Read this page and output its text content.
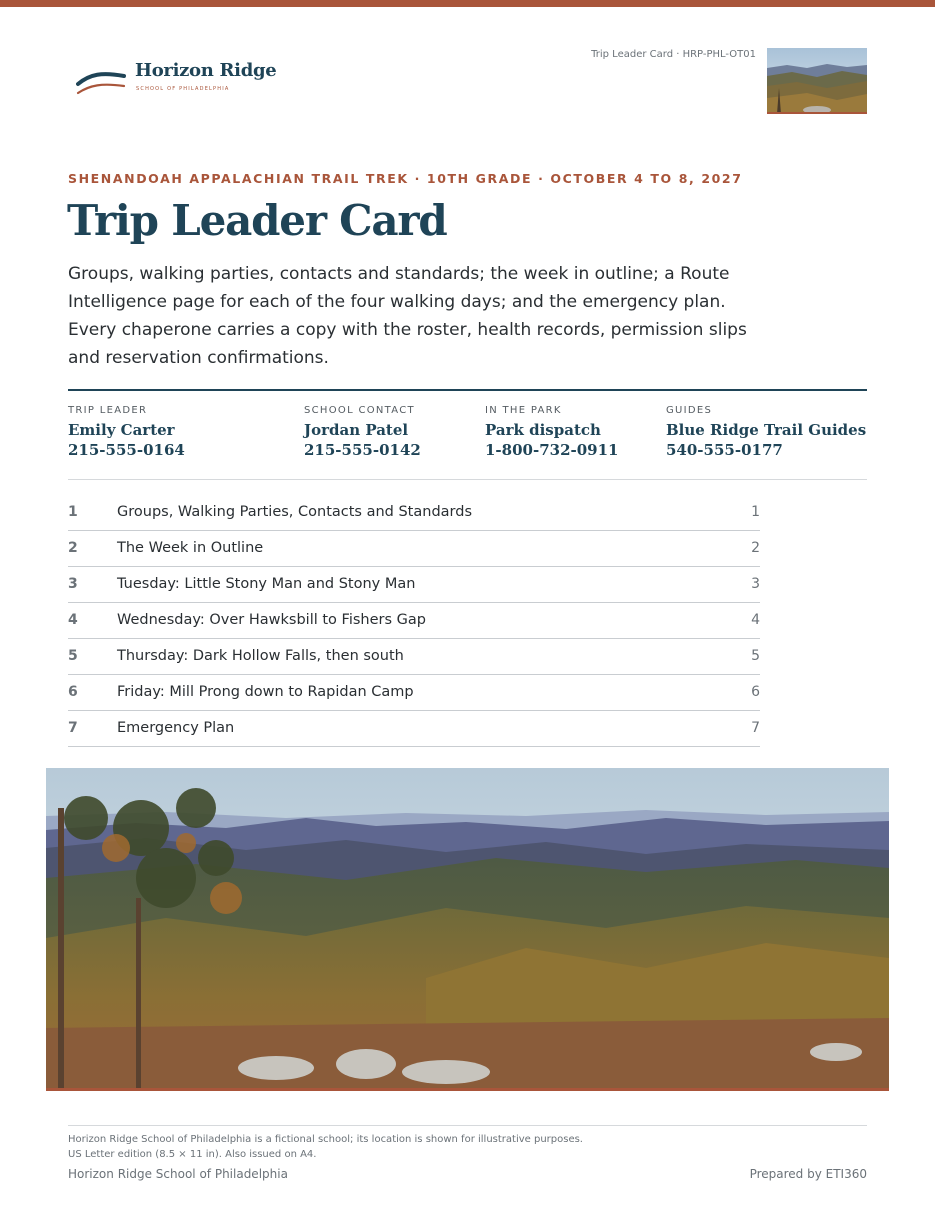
Horizon Ridge
SCHOOL OF PHILADELPHIA
Trip Leader Card · HRP-PHL-OT01
SHENANDOAH APPALACHIAN TRAIL TREK · 10TH GRADE · OCTOBER 4 TO 8, 2027
Trip Leader Card

Groups, walking parties, contacts and standards; the week in outline; a Route Intelligence page for each of the four walking days; and the emergency plan. Every chaperone carries a copy with the roster, health records, permission slips and reservation confirmations.

TRIP LEADER
Emily Carter
215-555-0164
SCHOOL CONTACT
Jordan Patel
215-555-0142
IN THE PARK
Park dispatch
1-800-732-0911
GUIDES
Blue Ridge Trail Guides
540-555-0177
1	Groups, Walking Parties, Contacts and Standards	1
2	The Week in Outline	2
3	Tuesday: Little Stony Man and Stony Man	3
4	Wednesday: Over Hawksbill to Fishers Gap	4
5	Thursday: Dark Hollow Falls, then south	5
6	Friday: Mill Prong down to Rapidan Camp	6
7	Emergency Plan	7
Horizon Ridge School of Philadelphia is a fictional school; its location is shown for illustrative purposes.
US Letter edition (8.5 × 11 in). Also issued on A4.
Horizon Ridge School of Philadelphia	Prepared by ETI360
